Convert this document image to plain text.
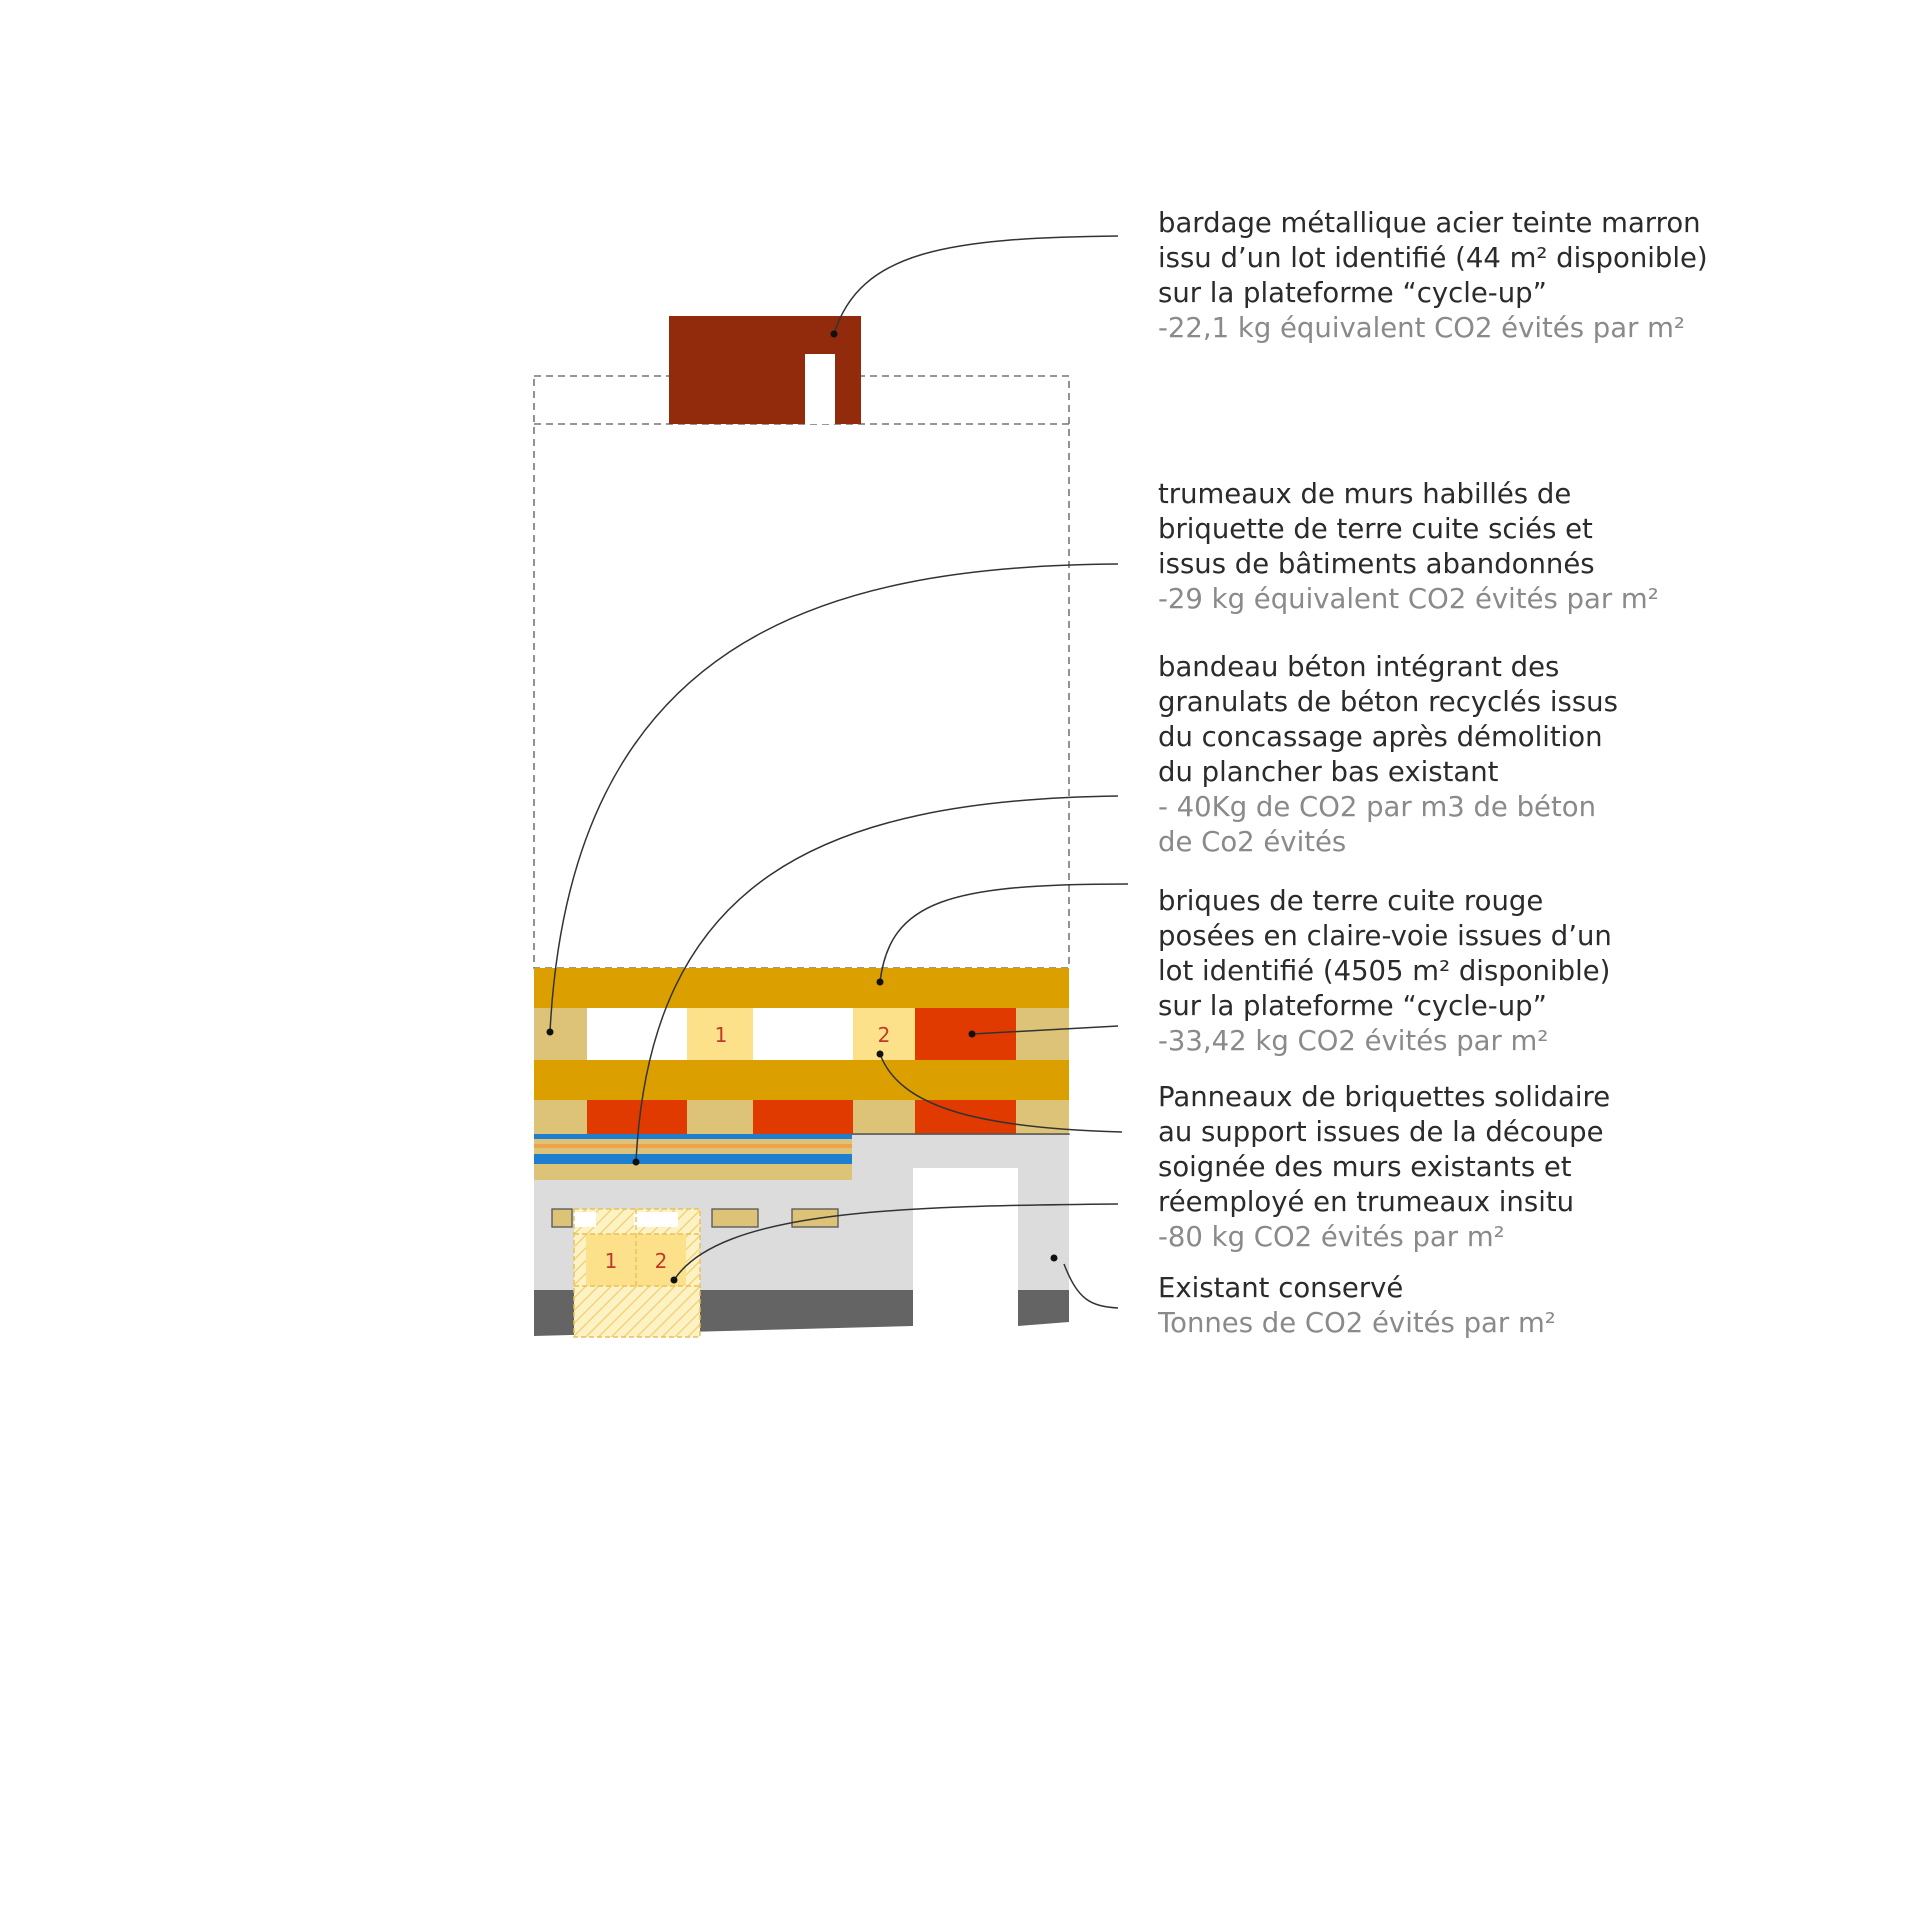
1	2
1 2
bardage métallique acier teinte marron
issu d’un lot identifié (44 m² disponible)
sur la plateforme “cycle-up”
-22,1 kg équivalent CO2 évités par m²
trumeaux de murs habillés de
briquette de terre cuite sciés et
issus de bâtiments abandonnés
-29 kg équivalent CO2 évités par m²
bandeau béton intégrant des
granulats de béton recyclés issus
du concassage après démolition
du plancher bas existant
- 40Kg de CO2 par m3 de béton
de Co2 évités
briques de terre cuite rouge
posées en claire-voie issues d’un
lot identifié (4505 m² disponible)
sur la plateforme “cycle-up”
-33,42 kg CO2 évités par m²
Panneaux de briquettes solidaire
au support issues de la découpe
soignée des murs existants et
réemployé en trumeaux insitu
-80 kg CO2 évités par m²
Existant conservé
Tonnes de CO2 évités par m²
